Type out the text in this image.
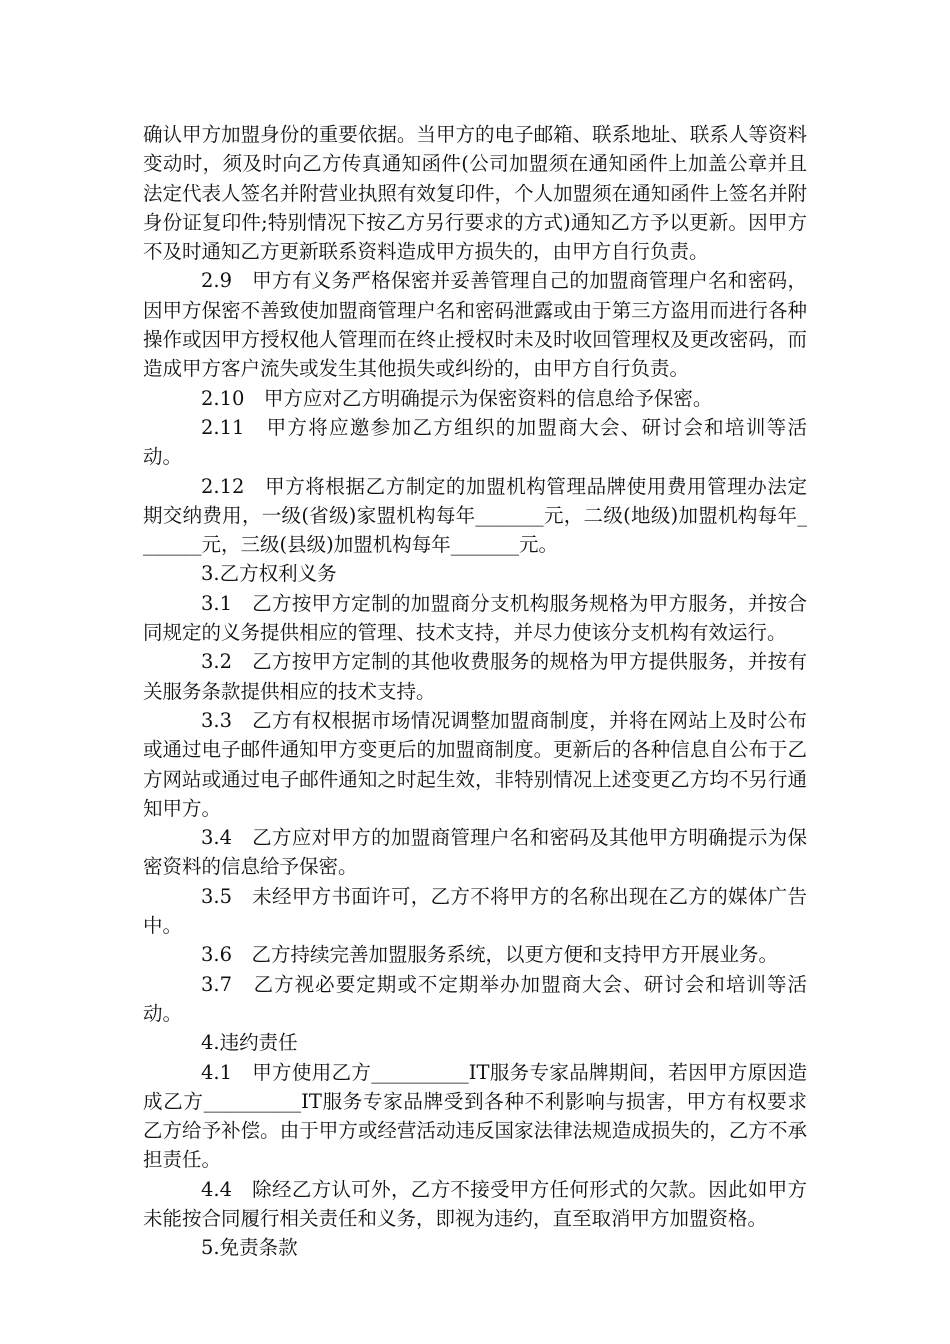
确认甲方加盟身份的重要依据。当甲方的电子邮箱、联系地址、联系人等资料变动时，须及时向乙方传真通知函件(公司加盟须在通知函件上加盖公章并且法定代表人签名并附营业执照有效复印件，个人加盟须在通知函件上签名并附身份证复印件;特别情况下按乙方另行要求的方式)通知乙方予以更新。因甲方不及时通知乙方更新联系资料造成甲方损失的，由甲方自行负责。

2.9　甲方有义务严格保密并妥善管理自己的加盟商管理户名和密码，因甲方保密不善致使加盟商管理户名和密码泄露或由于第三方盗用而进行各种操作或因甲方授权他人管理而在终止授权时未及时收回管理权及更改密码，而造成甲方客户流失或发生其他损失或纠纷的，由甲方自行负责。

2.10　甲方应对乙方明确提示为保密资料的信息给予保密。

2.11　甲方将应邀参加乙方组织的加盟商大会、研讨会和培训等活动。

2.12　甲方将根据乙方制定的加盟机构管理品牌使用费用管理办法定期交纳费用，一级(省级)家盟机构每年_______元，二级(地级)加盟机构每年_______元，三级(县级)加盟机构每年_______元。

3.乙方权利义务

3.1　乙方按甲方定制的加盟商分支机构服务规格为甲方服务，并按合同规定的义务提供相应的管理、技术支持，并尽力使该分支机构有效运行。

3.2　乙方按甲方定制的其他收费服务的规格为甲方提供服务，并按有关服务条款提供相应的技术支持。

3.3　乙方有权根据市场情况调整加盟商制度，并将在网站上及时公布或通过电子邮件通知甲方变更后的加盟商制度。更新后的各种信息自公布于乙方网站或通过电子邮件通知之时起生效，非特别情况上述变更乙方均不另行通知甲方。

3.4　乙方应对甲方的加盟商管理户名和密码及其他甲方明确提示为保密资料的信息给予保密。

3.5　未经甲方书面许可，乙方不将甲方的名称出现在乙方的媒体广告中。

3.6　乙方持续完善加盟服务系统，以更方便和支持甲方开展业务。

3.7　乙方视必要定期或不定期举办加盟商大会、研讨会和培训等活动。

4.违约责任

4.1　甲方使用乙方__________IT服务专家品牌期间，若因甲方原因造成乙方__________IT服务专家品牌受到各种不利影响与损害，甲方有权要求乙方给予补偿。由于甲方或经营活动违反国家法律法规造成损失的，乙方不承担责任。

4.4　除经乙方认可外，乙方不接受甲方任何形式的欠款。因此如甲方未能按合同履行相关责任和义务，即视为违约，直至取消甲方加盟资格。

5.免责条款
